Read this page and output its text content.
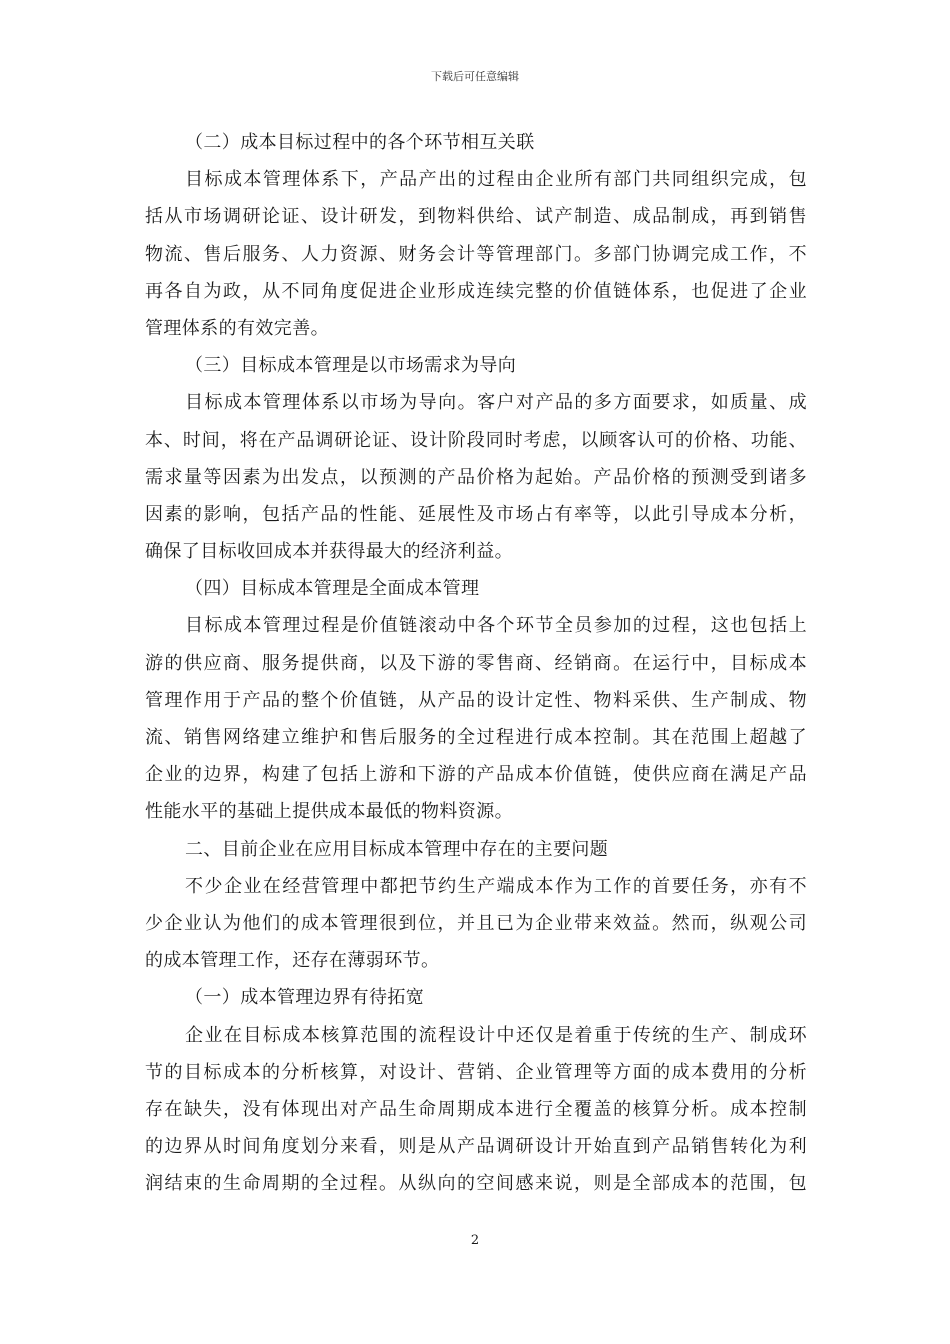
下载后可任意编辑
（二）成本目标过程中的各个环节相互关联
目标成本管理体系下，产品产出的过程由企业所有部门共同组织完成，包
括从市场调研论证、设计研发，到物料供给、试产制造、成品制成，再到销售
物流、售后服务、人力资源、财务会计等管理部门。多部门协调完成工作，不
再各自为政，从不同角度促进企业形成连续完整的价值链体系，也促进了企业
管理体系的有效完善。
（三）目标成本管理是以市场需求为导向
目标成本管理体系以市场为导向。客户对产品的多方面要求，如质量、成
本、时间，将在产品调研论证、设计阶段同时考虑，以顾客认可的价格、功能、
需求量等因素为出发点，以预测的产品价格为起始。产品价格的预测受到诸多
因素的影响，包括产品的性能、延展性及市场占有率等，以此引导成本分析，
确保了目标收回成本并获得最大的经济利益。
（四）目标成本管理是全面成本管理
目标成本管理过程是价值链滚动中各个环节全员参加的过程，这也包括上
游的供应商、服务提供商，以及下游的零售商、经销商。在运行中，目标成本
管理作用于产品的整个价值链，从产品的设计定性、物料采供、生产制成、物
流、销售网络建立维护和售后服务的全过程进行成本控制。其在范围上超越了
企业的边界，构建了包括上游和下游的产品成本价值链，使供应商在满足产品
性能水平的基础上提供成本最低的物料资源。
二、目前企业在应用目标成本管理中存在的主要问题
不少企业在经营管理中都把节约生产端成本作为工作的首要任务，亦有不
少企业认为他们的成本管理很到位，并且已为企业带来效益。然而，纵观公司
的成本管理工作，还存在薄弱环节。
（一）成本管理边界有待拓宽
企业在目标成本核算范围的流程设计中还仅是着重于传统的生产、制成环
节的目标成本的分析核算，对设计、营销、企业管理等方面的成本费用的分析
存在缺失，没有体现出对产品生命周期成本进行全覆盖的核算分析。成本控制
的边界从时间角度划分来看，则是从产品调研设计开始直到产品销售转化为利
润结束的生命周期的全过程。从纵向的空间感来说，则是全部成本的范围，包
2
